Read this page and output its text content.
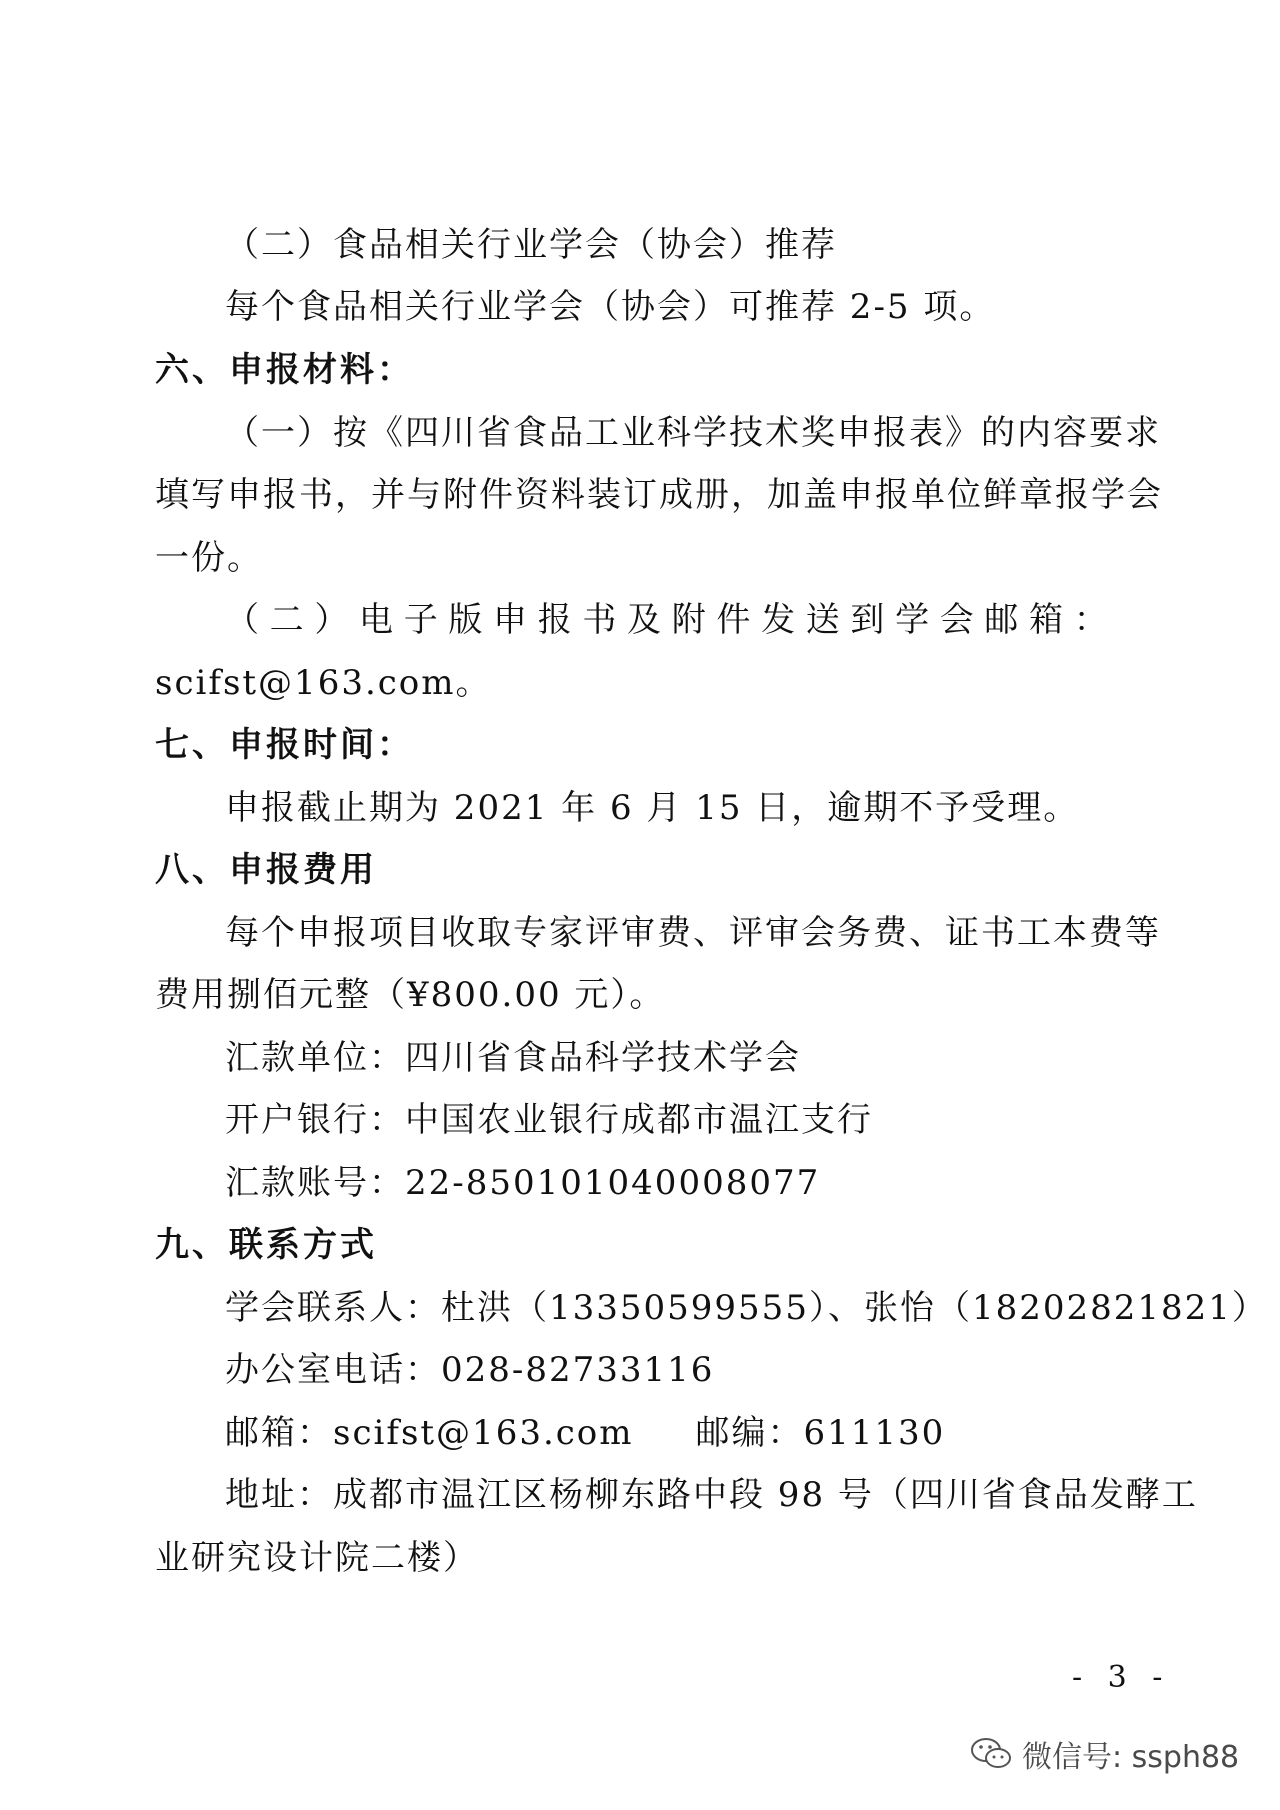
（二）食品相关行业学会（协会）推荐
每个食品相关行业学会（协会）可推荐 2-5 项。
六、申报材料：
（一）按《四川省食品工业科学技术奖申报表》的内容要求
填写申报书，并与附件资料装订成册，加盖申报单位鲜章报学会
一份。
（ 二 ） 电 子 版 申 报 书 及 附 件 发 送 到 学 会 邮 箱 ：
scifst@163.com。
七、申报时间：
申报截止期为 2021 年 6 月 15 日，逾期不予受理。
八、申报费用
每个申报项目收取专家评审费、评审会务费、证书工本费等
费用捌佰元整（¥800.00 元）。
汇款单位：四川省食品科学技术学会
开户银行：中国农业银行成都市温江支行
汇款账号：22-850101040008077
九、联系方式
学会联系人：杜洪（13350599555）、张怡（18202821821）
办公室电话：028-82733116
邮箱：scifst@163.com 邮编：611130
地址：成都市温江区杨柳东路中段 98 号（四川省食品发酵工
业研究设计院二楼）
- 3 -
微信号: ssph88
